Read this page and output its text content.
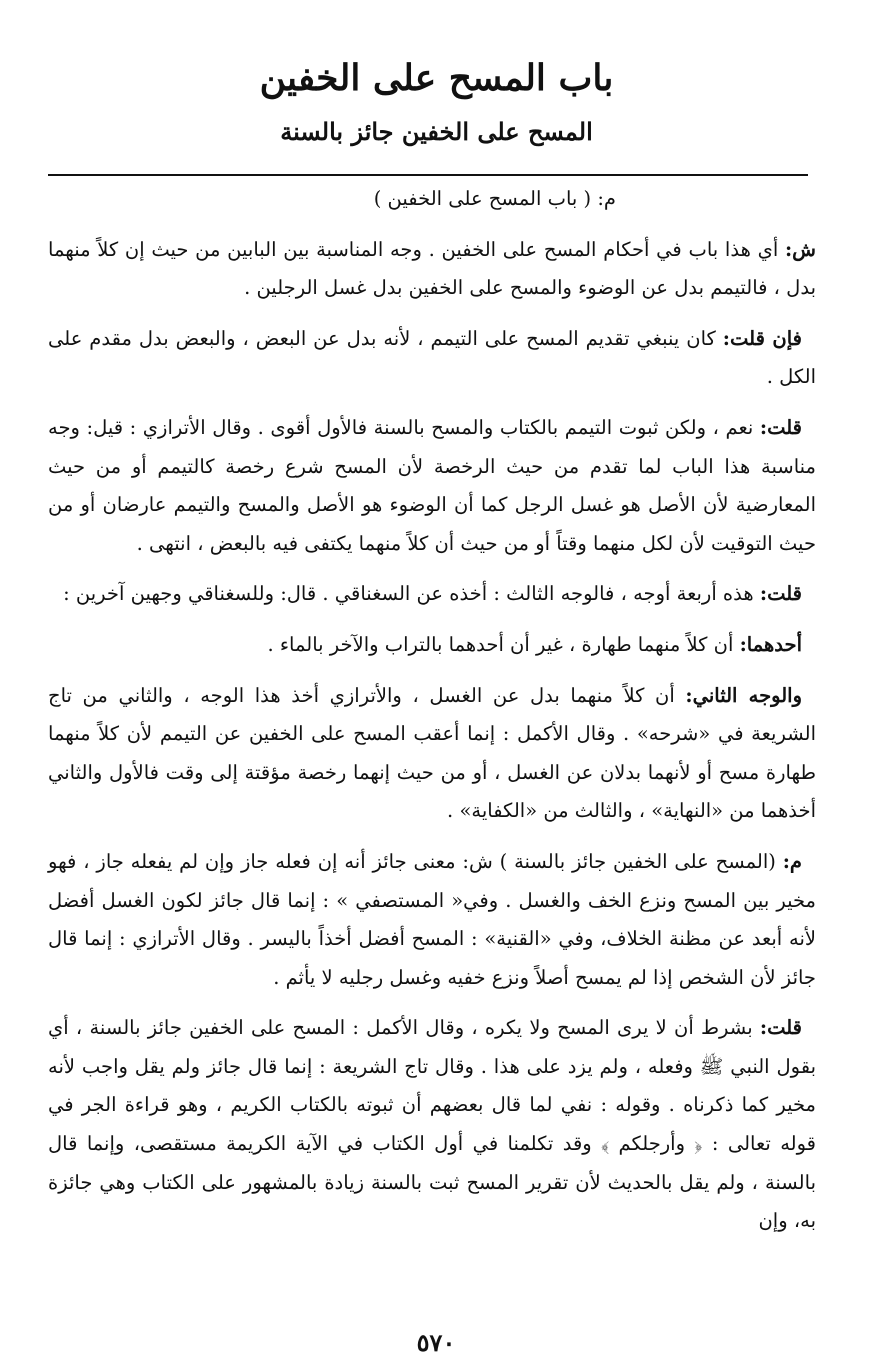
باب المسح على الخفين
المسح على الخفين جائز بالسنة

م: ( باب المسح على الخفين )

ش: أي هذا باب في أحكام المسح على الخفين . وجه المناسبة بين البابين من حيث إن كلاً منهما بدل ، فالتيمم بدل عن الوضوء والمسح على الخفين بدل غسل الرجلين .

فإن قلت: كان ينبغي تقديم المسح على التيمم ، لأنه بدل عن البعض ، والبعض بدل مقدم على الكل .

قلت: نعم ، ولكن ثبوت التيمم بالكتاب والمسح بالسنة فالأول أقوى . وقال الأترازي : قيل: وجه مناسبة هذا الباب لما تقدم من حيث الرخصة لأن المسح شرع رخصة كالتيمم أو من حيث المعارضية لأن الأصل هو غسل الرجل كما أن الوضوء هو الأصل والمسح والتيمم عارضان أو من حيث التوقيت لأن لكل منهما وقتاً أو من حيث أن كلاً منهما يكتفى فيه بالبعض ، انتهى .

قلت: هذه أربعة أوجه ، فالوجه الثالث : أخذه عن السغناقي . قال: وللسغناقي وجهين آخرين :

أحدهما: أن كلاً منهما طهارة ، غير أن أحدهما بالتراب والآخر بالماء .

والوجه الثاني: أن كلاً منهما بدل عن الغسل ، والأترازي أخذ هذا الوجه ، والثاني من تاج الشريعة في «شرحه» . وقال الأكمل : إنما أعقب المسح على الخفين عن التيمم لأن كلاً منهما طهارة مسح أو لأنهما بدلان عن الغسل ، أو من حيث إنهما رخصة مؤقتة إلى وقت فالأول والثاني أخذهما من «النهاية» ، والثالث من «الكفاية» .

م: (المسح على الخفين جائز بالسنة ) ش: معنى جائز أنه إن فعله جاز وإن لم يفعله جاز ، فهو مخير بين المسح ونزع الخف والغسل . وفي« المستصفي » : إنما قال جائز لكون الغسل أفضل لأنه أبعد عن مظنة الخلاف، وفي «القنية» : المسح أفضل أخذاً باليسر . وقال الأترازي : إنما قال جائز لأن الشخص إذا لم يمسح أصلاً ونزع خفيه وغسل رجليه لا يأثم .

قلت: بشرط أن لا يرى المسح ولا يكره ، وقال الأكمل : المسح على الخفين جائز بالسنة ، أي بقول النبي ﷺ وفعله ، ولم يزد على هذا . وقال تاج الشريعة : إنما قال جائز ولم يقل واجب لأنه مخير كما ذكرناه . وقوله : نفي لما قال بعضهم أن ثبوته بالكتاب الكريم ، وهو قراءة الجر في قوله تعالى : ﴿ وأرجلكم ﴾ وقد تكلمنا في أول الكتاب في الآية الكريمة مستقصى، وإنما قال بالسنة ، ولم يقل بالحديث لأن تقرير المسح ثبت بالسنة زيادة بالمشهور على الكتاب وهي جائزة به، وإن

٥٧٠
